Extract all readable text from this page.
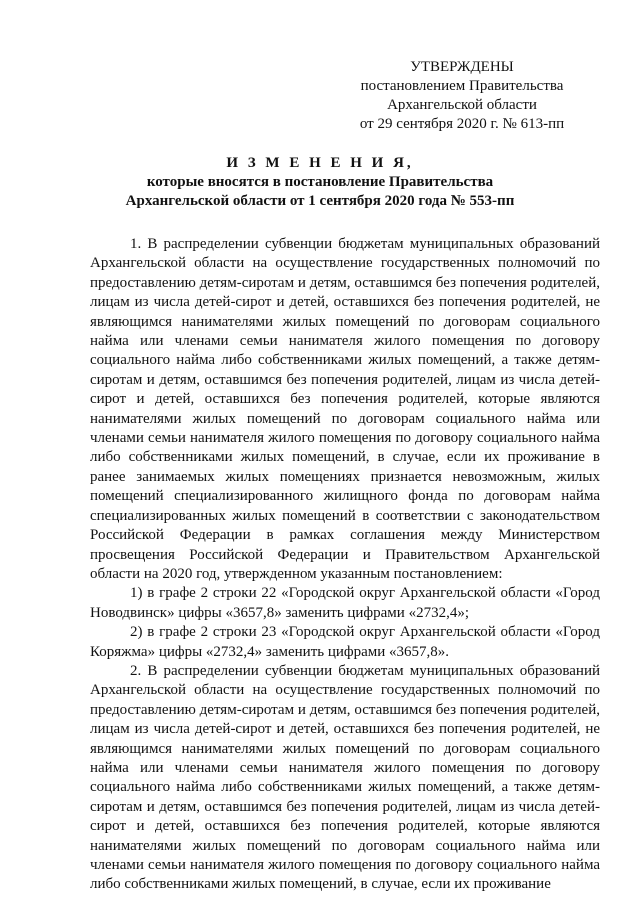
УТВЕРЖДЕНЫ
постановлением Правительства
Архангельской области
от 29 сентября 2020 г. № 613-пп
И З М Е Н Е Н И Я,
которые вносятся в постановление Правительства
Архангельской области от 1 сентября 2020 года № 553-пп

1. В распределении субвенции бюджетам муниципальных образований Архангельской области на осуществление государственных полномочий по предоставлению детям-сиротам и детям, оставшимся без попечения родителей, лицам из числа детей-сирот и детей, оставшихся без попечения родителей, не являющимся нанимателями жилых помещений по договорам социального найма или членами семьи нанимателя жилого помещения по договору социального найма либо собственниками жилых помещений, а также детям-сиротам и детям, оставшимся без попечения родителей, лицам из числа детей-сирот и детей, оставшихся без попечения родителей, которые являются нанимателями жилых помещений по договорам социального найма или членами семьи нанимателя жилого помещения по договору социального найма либо собственниками жилых помещений, в случае, если их проживание в ранее занимаемых жилых помещениях признается невозможным, жилых помещений специализированного жилищного фонда по договорам найма специализированных жилых помещений в соответствии с законодательством Российской Федерации в рамках соглашения между Министерством просвещения Российской Федерации и Правительством Архангельской области на 2020 год, утвержденном указанным постановлением:

1) в графе 2 строки 22 «Городской округ Архангельской области «Город Новодвинск» цифры «3657,8» заменить цифрами «2732,4»;

2) в графе 2 строки 23 «Городской округ Архангельской области «Город Коряжма» цифры «2732,4» заменить цифрами «3657,8».

2. В распределении субвенции бюджетам муниципальных образований Архангельской области на осуществление государственных полномочий по предоставлению детям-сиротам и детям, оставшимся без попечения родителей, лицам из числа детей-сирот и детей, оставшихся без попечения родителей, не являющимся нанимателями жилых помещений по договорам социального найма или членами семьи нанимателя жилого помещения по договору социального найма либо собственниками жилых помещений, а также детям-сиротам и детям, оставшимся без попечения родителей, лицам из числа детей-сирот и детей, оставшихся без попечения родителей, которые являются нанимателями жилых помещений по договорам социального найма или членами семьи нанимателя жилого помещения по договору социального найма либо собственниками жилых помещений, в случае, если их проживание
